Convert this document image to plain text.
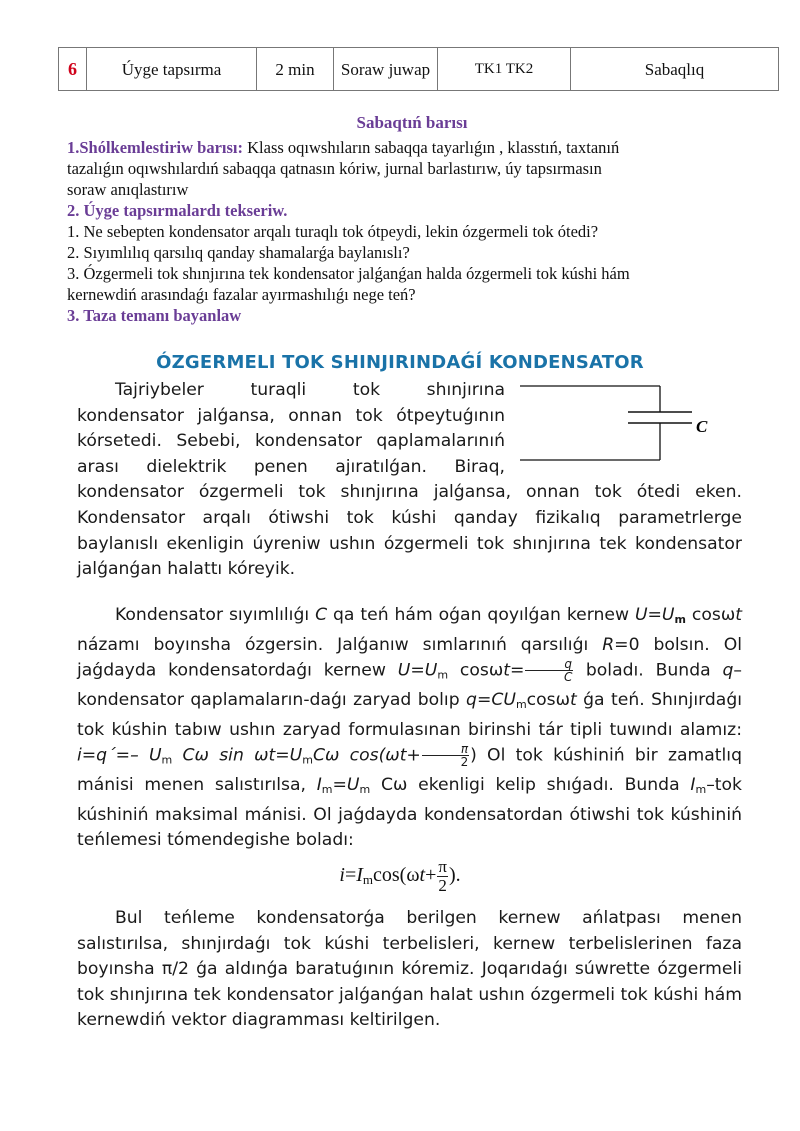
6	Úyge tapsırma	2 min	Soraw juwap	TK1 TK2	Sabaqlıq
Sabaqtıń barısı
1.Shólkemlestiriw barısı: Klass oqıwshıların sabaqqa tayarlıǵın , klasstıń, taxtanıń
tazalıǵın oqıwshılardıń sabaqqa qatnasın kóriw, jurnal barlastırıw, úy tapsırmasın
soraw anıqlastırıw
2. Úyge tapsırmalardı tekseriw.
1. Ne sebepten kondensator arqalı turaqlı tok ótpeydi, lekin ózgermeli tok ótedi?
2. Sıyımlılıq qarsılıq qanday shamalarǵa baylanıslı?
3. Ózgermeli tok shınjırına tek kondensator jalǵanǵan halda ózgermeli tok kúshi hám
kernewdiń arasındaǵı fazalar ayırmashılıǵı nege teń?
3. Taza temanı bayanlaw
ÓZGERMELI TOK SHINJIRINDAǴÍ KONDENSATOR
C
Tajriybeler turaqli tok shınjırına
kondensator jalǵansa, onnan tok ótpeytuǵının
kórsetedi. Sebebi, kondensator qaplamalarınıń
arası dielektrik penen ajıratılǵan. Biraq,
kondensator ózgermeli tok shınjırına jalǵansa, onnan tok ótedi eken. Kondensator arqalı ótiwshi tok kúshi qanday fizikalıq parametrlerge baylanıslı ekenligin úyreniw ushın ózgermeli tok shınjırına tek kondensator jalǵanǵan halattı kóreyik.
Kondensator sıyımlılıǵı C qa teń hám oǵan qoyılǵan kernew $U=U_m$ cosωt názamı boyınsha ózgersin. Jalǵanıw sımlarınıń qarsılıǵı R=0 bolsın. Ol jaǵdayda kondensatordaǵı kernew $U=U_m$ $\cos\omega t= \frac{q}{C}$ boladı. Bunda q–kondensator qaplamaların-daǵı zaryad bolıp $q=CU_m\cos\omega t$ ǵa teń. Shınjırdaǵı tok kúshin tabıw ushın zaryad formulasınan birinshi tár tipli tuwındı alamız: i=q´=– $U_m$ Cω $\sin \omega t=U_mC\omega$ $\cos(\omega t+ \frac{\pi}{2}$ ) Ol tok kúshiniń bir zamatlıq mánisi menen salıstırılsa, $I_m=U_m$ Cω ekenligi kelip shıǵadı. Bunda $I_m$–tok kúshiniń maksimal mánisi. Ol jaǵdayda kondensatordan ótiwshi tok kúshiniń teńlemesi tómendegishe boladı:
$i=I_m\cos(\omega t+ \frac{\pi}{2}$ ).
Bul teńleme kondensatorǵa berilgen kernew ańlatpası menen salıstırılsa, shınjırdaǵı tok kúshi terbelisleri, kernew terbelislerinen faza boyınsha π/2 ǵa aldınǵa baratuǵının kóremiz. Joqarıdaǵı súwrette ózgermeli tok shınjırına tek kondensator jalǵanǵan halat ushın ózgermeli tok kúshi hám kernewdiń vektor diagramması keltirilgen.
